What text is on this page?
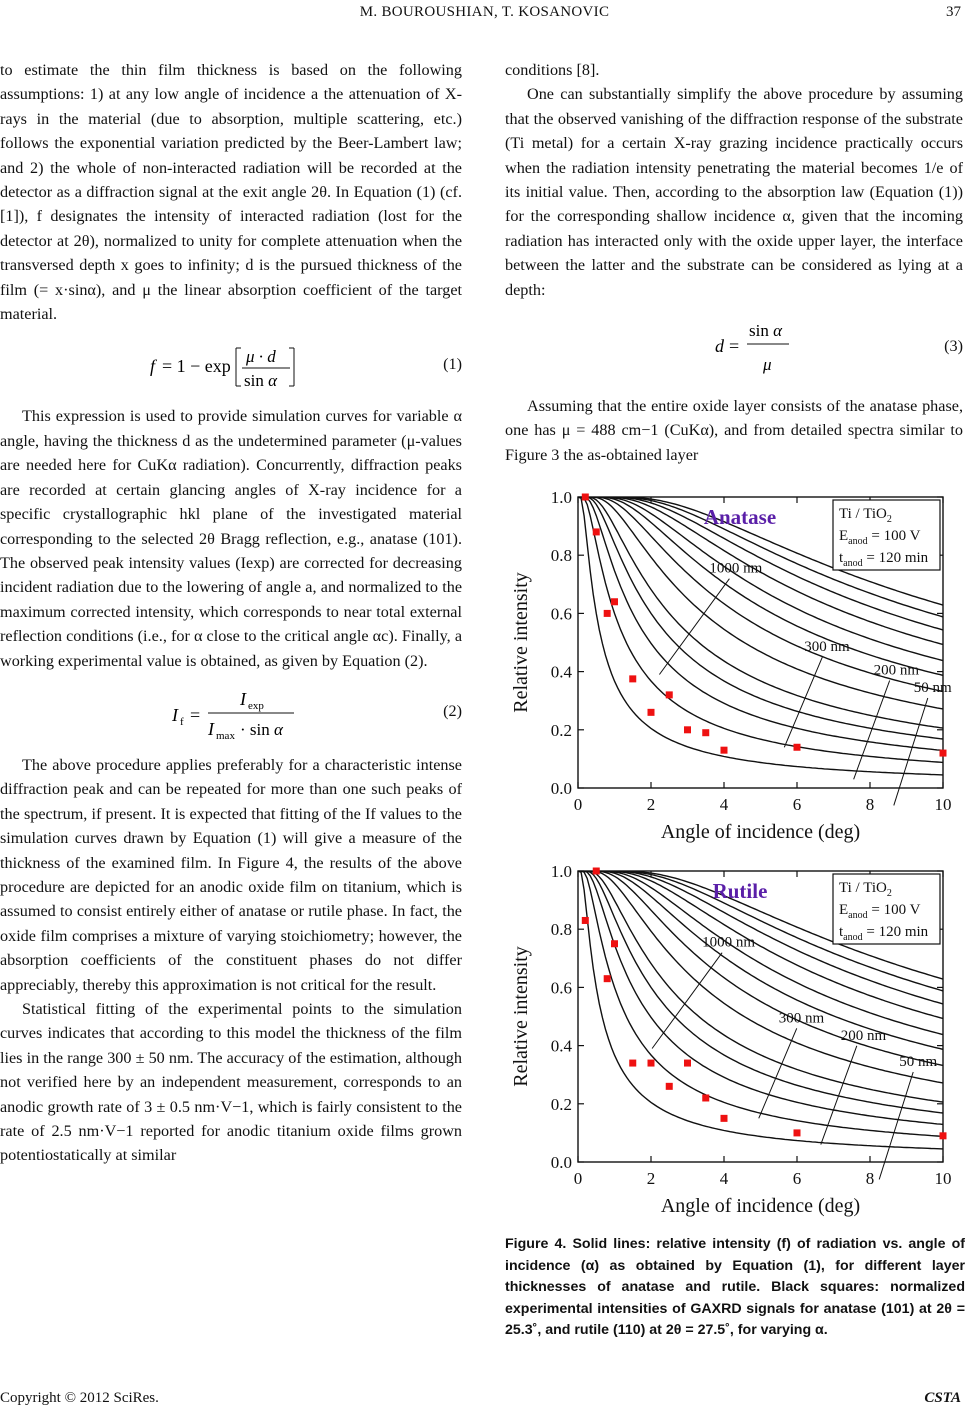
M. BOUROUSHIAN, T. KOSANOVIC	37

to estimate the thin film thickness is based on the following assumptions: 1) at any low angle of incidence a the attenuation of X-rays in the material (due to absorption, multiple scattering, etc.) follows the exponential variation predicted by the Beer-Lambert law; and 2) the whole of non-interacted radiation will be recorded at the detector as a diffraction signal at the exit angle 2θ. In Equation (1) (cf. [1]), f designates the intensity of interacted radiation (lost for the detector at 2θ), normalized to unity for complete attenuation when the transversed depth x goes to infinity; d is the pursued thickness of the film (= x·sinα), and μ the linear absorption coefficient of the target material.

f = 1 − exp μ · d
sin α
(1)

This expression is used to provide simulation curves for variable α angle, having the thickness d as the undetermined parameter (μ-values are needed here for CuKα radiation). Concurrently, diffraction peaks are recorded at certain glancing angles of X-ray incidence for a specific crystallographic hkl plane of the investigated material corresponding to the selected 2θ Bragg reflection, e.g., anatase (101). The observed peak intensity values (Iexp) are corrected for decreasing incident radiation due to the lowering of angle a, and normalized to the maximum corrected intensity, which corresponds to near total external reflection conditions (i.e., for α close to the critical angle αc). Finally, a working experimental value is obtained, as given by Equation (2).

I f =
I exp
I max · sin α
(2)

The above procedure applies preferably for a characteristic intense diffraction peak and can be repeated for more than one such peaks of the spectrum, if present. It is expected that fitting of the If values to the simulation curves drawn by Equation (1) will give a measure of the thickness of the examined film. In Figure 4, the results of the above procedure are depicted for an anodic oxide film on titanium, which is assumed to consist entirely either of anatase or rutile phase. In fact, the oxide film comprises a mixture of varying stoichiometry; however, the absorption coefficients of the constituent phases do not differ appreciably, thereby this approximation is not critical for the result.

Statistical fitting of the experimental points to the simulation curves indicates that according to this model the thickness of the film lies in the range 300 ± 50 nm. The accuracy of the estimation, although not verified here by an independent measurement, corresponds to an anodic growth rate of 3 ± 0.5 nm·V−1, which is fairly consistent to the rate of 2.5 nm·V−1 reported for anodic titanium oxide films grown potentiostatically at similar

conditions [8].

One can substantially simplify the above procedure by assuming that the observed vanishing of the diffraction response of the substrate (Ti metal) for a certain X-ray grazing incidence practically occurs when the radiation intensity penetrating the material becomes 1/e of its initial value. Then, according to the absorption law (Equation (1)) for the corresponding shallow incidence α, given that the incoming radiation has interacted only with the oxide upper layer, the interface between the latter and the substrate can be considered as lying at a depth:

d =
sin α
μ
(3)

Assuming that the entire oxide layer consists of the anatase phase, one has μ = 488 cm−1 (CuKα), and from detailed spectra similar to Figure 3 the as-obtained layer

0	2	4	6	8	10
0.0
0.2
0.4
0.6
0.8
1.0
Angle of incidence (deg)
Relative intensity
1000 nm
300 nm
200 nm
50 nm
Anatase	Ti / TiO$_2$
$E_{anod} = 100$ V
$t_{anod} = 120$ min
0	2	4	6	8	10
0.0
0.2
0.4
0.6
0.8
1.0
Angle of incidence (deg)
Relative intensity
1000 nm
300 nm
200 nm
50 nm
Rutile	Ti / TiO$_2$
$E_{anod} = 100$ V
$t_{anod} = 120$ min
Figure 4. Solid lines: relative intensity (f) of radiation vs. angle of incidence (α) as obtained by Equation (1), for different layer thicknesses of anatase and rutile. Black squares: normalized experimental intensities of GAXRD signals for anatase (101) at 2θ = 25.3˚, and rutile (110) at 2θ = 27.5˚, for varying α.
Copyright © 2012 SciRes.	CSTA
